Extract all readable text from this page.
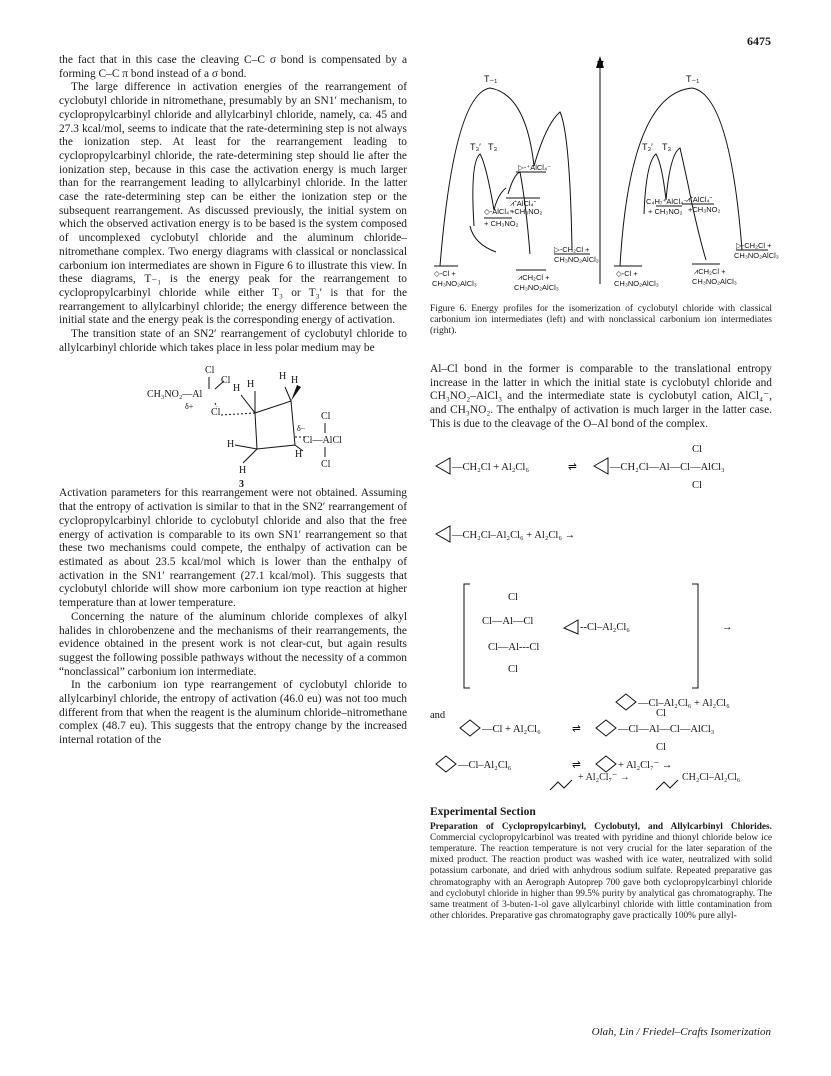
6475

the fact that in this case the cleaving C–C σ bond is compensated by a forming C–C π bond instead of a σ bond.

The large difference in activation energies of the rearrangement of cyclobutyl chloride in nitromethane, presumably by an SN1′ mechanism, to cyclopropylcarbinyl chloride and allylcarbinyl chloride, namely, ca. 45 and 27.3 kcal/mol, seems to indicate that the rate-determining step is not always the ionization step. At least for the rearrangement leading to cyclopropylcarbinyl chloride, the rate-determining step should lie after the ionization step, because in this case the activation energy is much larger than for the rearrangement leading to allylcarbinyl chloride. In the latter case the rate-determining step can be either the ionization step or the subsequent rearrangement. As discussed previously, the initial system on which the observed activation energy is to be based is the system composed of uncomplexed cyclobutyl chloride and the aluminum chloride–nitromethane complex. Two energy diagrams with classical or nonclassical carbonium ion intermediates are shown in Figure 6 to illustrate this view. In these diagrams, T₋₁ is the energy peak for the rearrangement to cyclopropylcarbinyl chloride while either T₃ or T₃′ is that for the rearrangement to allylcarbinyl chloride; the energy difference between the initial state and the energy peak is the corresponding energy of activation.

The transition state of an SN2′ rearrangement of cyclobutyl chloride to allylcarbinyl chloride which takes place in less polar medium may be

Cl
Cl
CH₃NO₂—Al
δ+
Cl
H H
H H
Cl
δ−
Cl—AlCl
Cl
H
H
H
3

Activation parameters for this rearrangement were not obtained. Assuming that the entropy of activation is similar to that in the SN2′ rearrangement of cyclopropylcarbinyl chloride to cyclobutyl chloride and also that the free energy of activation is comparable to its own SN1′ rearrangement so that these two mechanisms could compete, the enthalpy of activation can be estimated as about 23.5 kcal/mol which is lower than the enthalpy of activation in the SN1′ rearrangement (27.1 kcal/mol). This suggests that cyclobutyl chloride will show more carbonium ion type reaction at higher temperature than at lower temperature.

Concerning the nature of the aluminum chloride complexes of alkyl halides in chlorobenzene and the mechanisms of their rearrangements, the evidence obtained in the present work is not clear-cut, but again results suggest the following possible pathways without the necessity of a common “nonclassical” carbonium ion intermediate.

In the carbonium ion type rearrangement of cyclobutyl chloride to allylcarbinyl chloride, the entropy of activation (46.0 eu) was not too much different from that when the reagent is the aluminum chloride–nitromethane complex (48.7 eu). This suggests that the entropy change by the increased internal rotation of the

H
T₋₁
T₃′ T₃
▷-⁺AlCl₄⁻
◇-AlCl₄⁻
+ CH₃NO₂
⩘⁺AlCl₄⁻
+CH₃NO₂
◇-Cl +
CH₃NO₂AlCl₃
▷-CH₂Cl +
CH₃NO₂AlCl₃
⩘CH₂Cl +
CH₃NO₂AlCl₃
T₋₁
T₃′ T₃
C₄H₇⁺AlCl₄⁻
+ CH₃NO₂
⩘⁺AlCl₄⁻
+CH₃NO₂
◇-Cl +
CH₃NO₂AlCl₃
⩘CH₂Cl +
CH₃NO₂AlCl₃
▷-CH₂Cl +
CH₃NO₂AlCl₃

Figure 6. Energy profiles for the isomerization of cyclobutyl chloride with classical carbonium ion intermediates (left) and with nonclassical carbonium ion intermediates (right).

Al–Cl bond in the former is comparable to the translational entropy increase in the latter in which the initial state is cyclobutyl chloride and CH₃NO₂–AlCl₃ and the intermediate state is cyclobutyl cation, AlCl₄⁻, and CH₃NO₂. The enthalpy of activation is much larger in the latter case. This is due to the cleavage of the O–Al bond of the complex.

—CH₂Cl + Al₂Cl₆	⇌	—CH₂Cl—Al—Cl—AlCl₃
Cl
Cl
—CH₂Cl–Al₂Cl₆ + Al₂Cl₆ →
Cl
Cl—Al—Cl
Cl—Al---Cl
Cl
--Cl–Al₂Cl₆	→
—Cl–Al₂Cl₆ + Al₂Cl₆
and
—Cl + Al₂Cl₆	⇌	—Cl—Al—Cl—AlCl₃
Cl
Cl
—Cl–Al₂Cl₆	⇌	+ Al₂Cl₇⁻ →
+ Al₂Cl₇⁻ →	CH₂Cl–Al₂Cl₆

Experimental Section

Preparation of Cyclopropylcarbinyl, Cyclobutyl, and Allylcarbinyl Chlorides. Commercial cyclopropylcarbinol was treated with pyridine and thionyl chloride below ice temperature. The reaction temperature is not very crucial for the later separation of the mixed product. The reaction product was washed with ice water, neutralized with solid potassium carbonate, and dried with anhydrous sodium sulfate. Repeated preparative gas chromatography with an Aerograph Autoprep 700 gave both cyclopropylcarbinyl chloride and cyclobutyl chloride in higher than 99.5% purity by analytical gas chromatography. The same treatment of 3-buten-1-ol gave allylcarbinyl chloride with little contamination from other chlorides. Preparative gas chromatography gave practically 100% pure allyl-

Olah, Lin / Friedel–Crafts Isomerization
